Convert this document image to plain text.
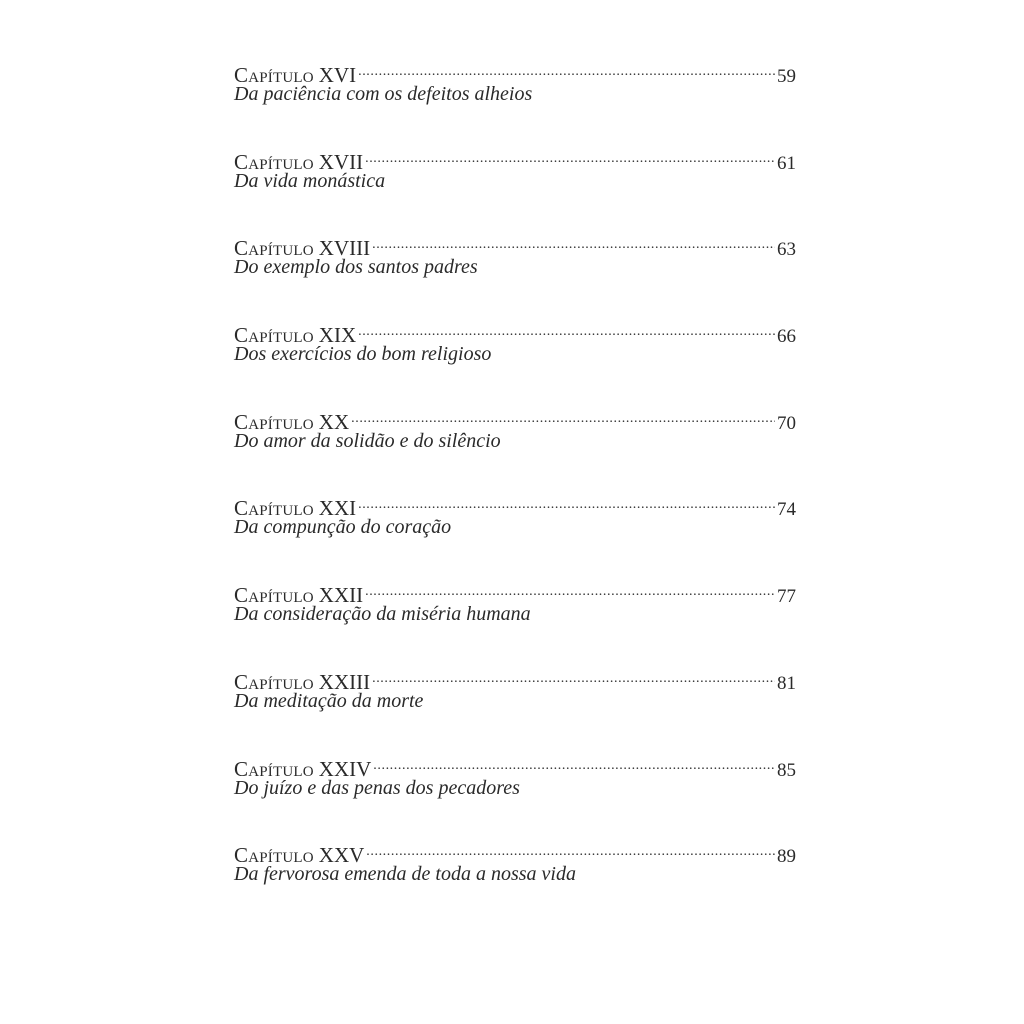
Capítulo XVI .....	59
Da paciência com os defeitos alheios
Capítulo XVII .....	61
Da vida monástica
Capítulo XVIII .....	63
Do exemplo dos santos padres
Capítulo XIX .....	66
Dos exercícios do bom religioso
Capítulo XX .....	70
Do amor da solidão e do silêncio
Capítulo XXI .....	74
Da compunção do coração
Capítulo XXII .....	77
Da consideração da miséria humana
Capítulo XXIII .....	81
Da meditação da morte
Capítulo XXIV .....	85
Do juízo e das penas dos pecadores
Capítulo XXV .....	89
Da fervorosa emenda de toda a nossa vida
